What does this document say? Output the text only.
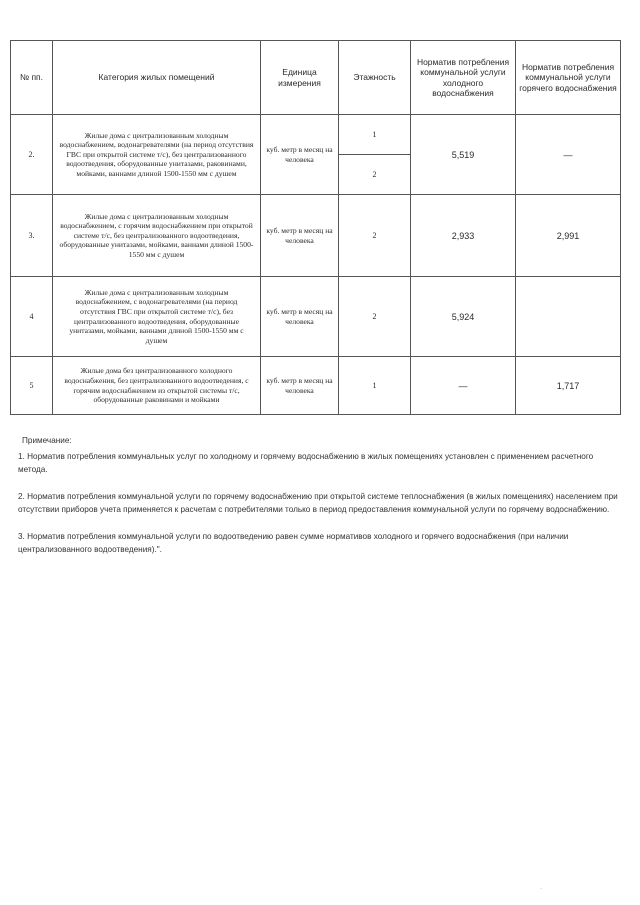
№ пп.	Категория жилых помещений	Единица измерения	Этажность	Норматив потребления коммунальной услуги холодного водоснабжения	Норматив потребления коммунальной услуги горячего водоснабжения
2.	Жилые дома с централизованным холодным водоснабжением, водонагревателями (на период отсутствия ГВС при открытой системе т/с), без централизованного водоотведения, оборудованные унитазами, раковинами, мойками, ваннами длиной 1500-1550 мм с душем	куб. метр в месяц на человека	1	5,519	—
			2		
3.	Жилые дома с централизованным холодным водоснабжением, с горячим водоснабжением при открытой системе т/с, без централизованного водоотведения, оборудованные унитазами, мойками, ваннами длиной 1500-1550 мм с душем	куб. метр в месяц на человека	2	2,933	2,991
4	Жилые дома с централизованным холодным водоснабжением, с водонагревателями (на период отсутствия ГВС при открытой системе т/с), без централизованного водоотведения, оборудованные унитазами, мойками, ваннами длиной 1500-1550 мм с душем	куб. метр в месяц на человека	2	5,924	
5	Жилые дома без централизованного холодного водоснабжения, без централизованного водоотведения, с горячим водоснабжением из открытой системы т/с, оборудованные раковинами и мойками	куб. метр в месяц на человека	1	—	1,717

Примечание:

1. Норматив потребления коммунальных услуг по холодному и горячему водоснабжению в жилых помещениях установлен с применением расчетного метода.

2. Норматив потребления коммунальной услуги по горячему водоснабжению при открытой системе теплоснабжения (в жилых помещениях) населением при отсутствии приборов учета применяется к расчетам с потребителями только в период предоставления коммунальной услуги по горячему водоснабжению.

3. Норматив потребления коммунальной услуги по водоотведению равен сумме нормативов холодного и горячего водоснабжения (при наличии централизованного водоотведения).".

·
